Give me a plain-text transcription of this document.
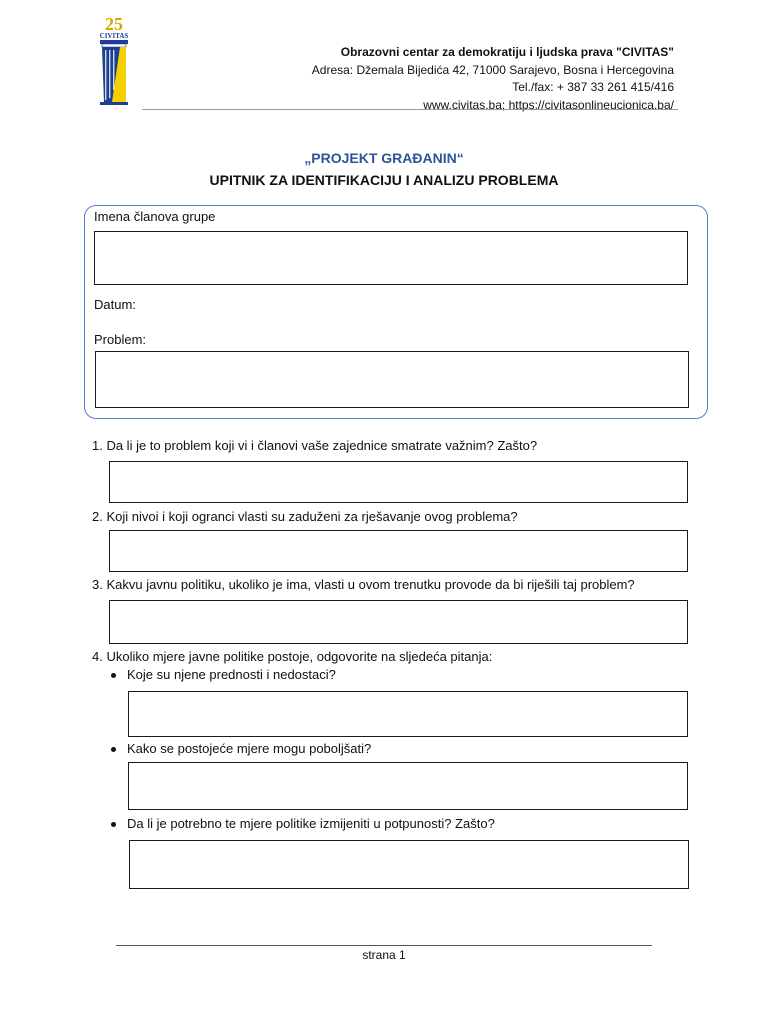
25
CIVITAS
Obrazovni centar za demokratiju i ljudska prava "CIVITAS"
Adresa: Džemala Bijedića 42, 71000 Sarajevo, Bosna i Hercegovina
Tel./fax: + 387 33 261 415/416
www.civitas.ba; https://civitasonlineucionica.ba/
„PROJEKT GRAĐANIN“
UPITNIK ZA IDENTIFIKACIJU I ANALIZU PROBLEMA
Imena članova grupe
Datum:
Problem:
1. Da li je to problem koji vi i članovi vaše zajednice smatrate važnim? Zašto?
2. Koji nivoi i koji ogranci vlasti su zaduženi za rješavanje ovog problema?
3. Kakvu javnu politiku, ukoliko je ima, vlasti u ovom trenutku provode da bi riješili taj problem?
4. Ukoliko mjere javne politike postoje, odgovorite na sljedeća pitanja:
Koje su njene prednosti i nedostaci?
Kako se postojeće mjere mogu poboljšati?
Da li je potrebno te mjere politike izmijeniti u potpunosti? Zašto?
strana 1
